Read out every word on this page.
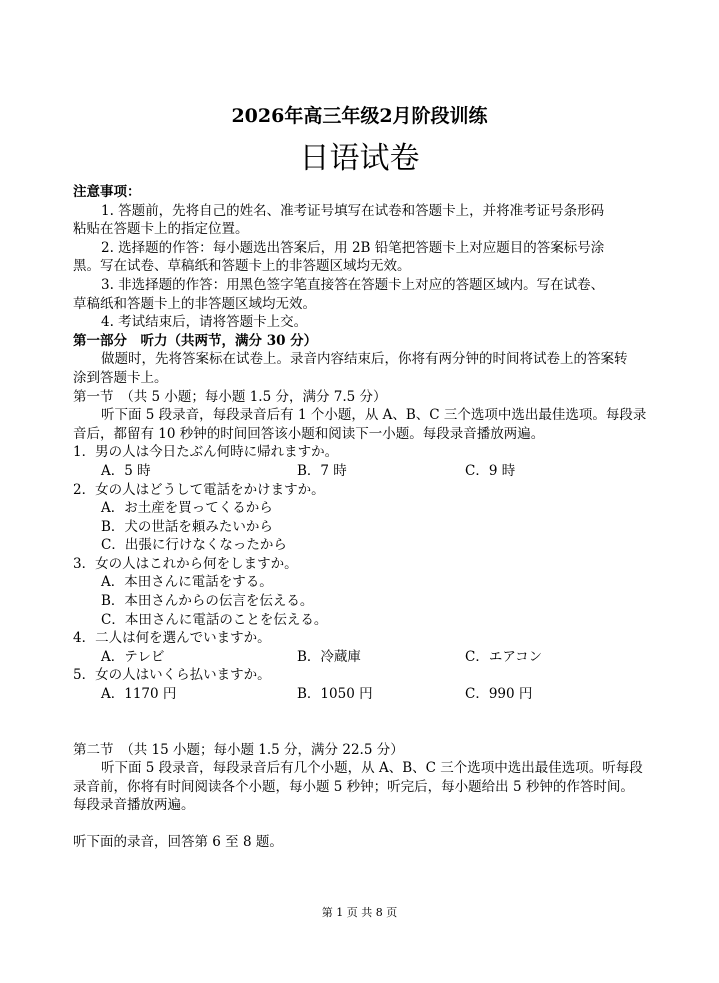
2026年高三年级2月阶段训练
日语试卷
注意事项：
1. 答题前，先将自己的姓名、准考证号填写在试卷和答题卡上，并将准考证号条形码
粘贴在答题卡上的指定位置。
2. 选择题的作答：每小题选出答案后，用 2B 铅笔把答题卡上对应题目的答案标号涂
黑。写在试卷、草稿纸和答题卡上的非答题区域均无效。
3. 非选择题的作答：用黑色签字笔直接答在答题卡上对应的答题区域内。写在试卷、
草稿纸和答题卡上的非答题区域均无效。
4. 考试结束后，请将答题卡上交。
第一部分　听力（共两节，满分 30 分）
做题时，先将答案标在试卷上。录音内容结束后，你将有两分钟的时间将试卷上的答案转
涂到答题卡上。
第一节　（共 5 小题；每小题 1.5 分，满分 7.5 分）
听下面 5 段录音，每段录音后有 1 个小题，从 A、B、C 三个选项中选出最佳选项。每段录
音后，都留有 10 秒钟的时间回答该小题和阅读下一小题。每段录音播放两遍。
1．男の人は今日たぶん何時に帰れますか。
A．5 時	B．7 時	C．9 時
2．女の人はどうして電話をかけますか。
A．お土産を買ってくるから
B．犬の世話を頼みたいから
C．出張に行けなくなったから
3．女の人はこれから何をしますか。
A．本田さんに電話をする。
B．本田さんからの伝言を伝える。
C．本田さんに電話のことを伝える。
4．二人は何を選んでいますか。
A．テレビ	B．冷蔵庫	C．エアコン
5．女の人はいくら払いますか。
A．1170 円	B．1050 円	C．990 円
第二节　（共 15 小题；每小题 1.5 分，满分 22.5 分）
听下面 5 段录音，每段录音后有几个小题，从 A、B、C 三个选项中选出最佳选项。听每段
录音前，你将有时间阅读各个小题，每小题 5 秒钟；听完后，每小题给出 5 秒钟的作答时间。
每段录音播放两遍。
听下面的录音，回答第 6 至 8 题。
第 1 页 共 8 页
